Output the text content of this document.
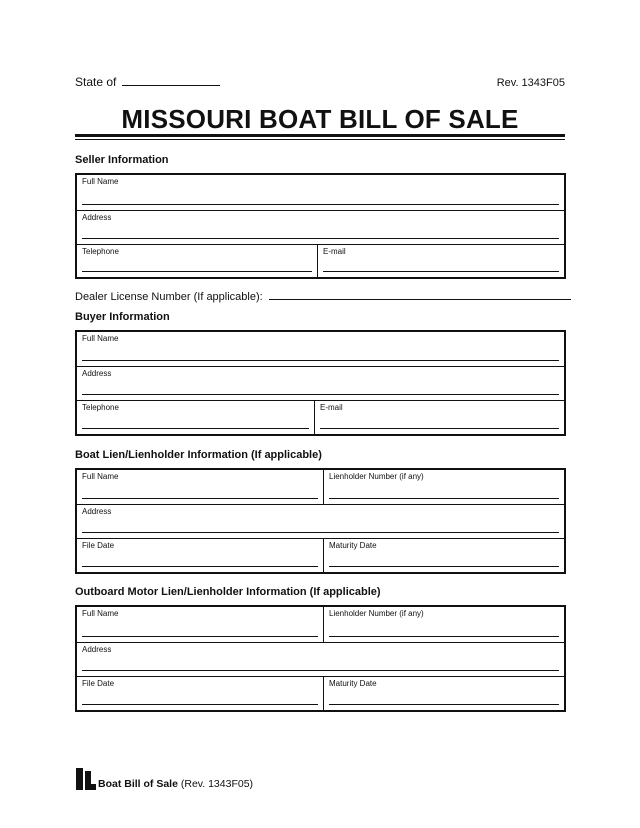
State of	Rev. 1343F05
MISSOURI BOAT BILL OF SALE
Seller Information
Full Name
Address
Telephone	E-mail
Dealer License Number (If applicable):
Buyer Information
Full Name
Address
Telephone	E-mail
Boat Lien/Lienholder Information (If applicable)
Full Name	Lienholder Number (if any)
Address
File Date	Maturity Date
Outboard Motor Lien/Lienholder Information (If applicable)
Full Name	Lienholder Number (if any)
Address
File Date	Maturity Date
Boat Bill of Sale
(Rev. 1343F05)
